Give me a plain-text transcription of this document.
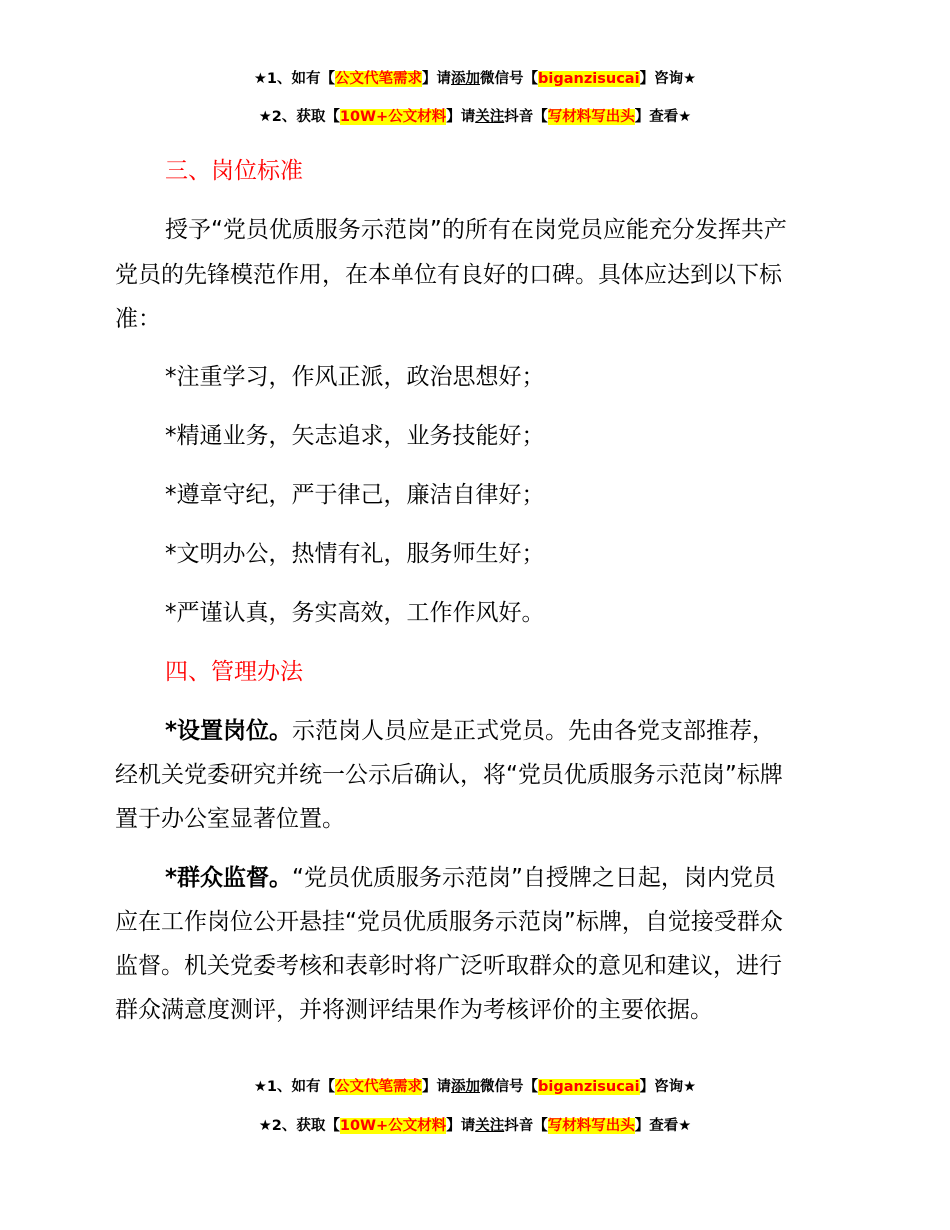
★1、如有【公文代笔需求】请添加微信号【biganzisucai】咨询★
★2、获取【10W+公文材料】请关注抖音【写材料写出头】查看★
三、岗位标准
授予“党员优质服务示范岗”的所有在岗党员应能充分发挥共产
党员的先锋模范作用，在本单位有良好的口碑。具体应达到以下标
准：
*注重学习，作风正派，政治思想好；
*精通业务，矢志追求，业务技能好；
*遵章守纪，严于律己，廉洁自律好；
*文明办公，热情有礼，服务师生好；
*严谨认真，务实高效，工作作风好。
四、管理办法
*设置岗位。示范岗人员应是正式党员。先由各党支部推荐，
经机关党委研究并统一公示后确认，将“党员优质服务示范岗”标牌
置于办公室显著位置。
*群众监督。“党员优质服务示范岗”自授牌之日起，岗内党员
应在工作岗位公开悬挂“党员优质服务示范岗”标牌，自觉接受群众
监督。机关党委考核和表彰时将广泛听取群众的意见和建议，进行
群众满意度测评，并将测评结果作为考核评价的主要依据。
★1、如有【公文代笔需求】请添加微信号【biganzisucai】咨询★
★2、获取【10W+公文材料】请关注抖音【写材料写出头】查看★
